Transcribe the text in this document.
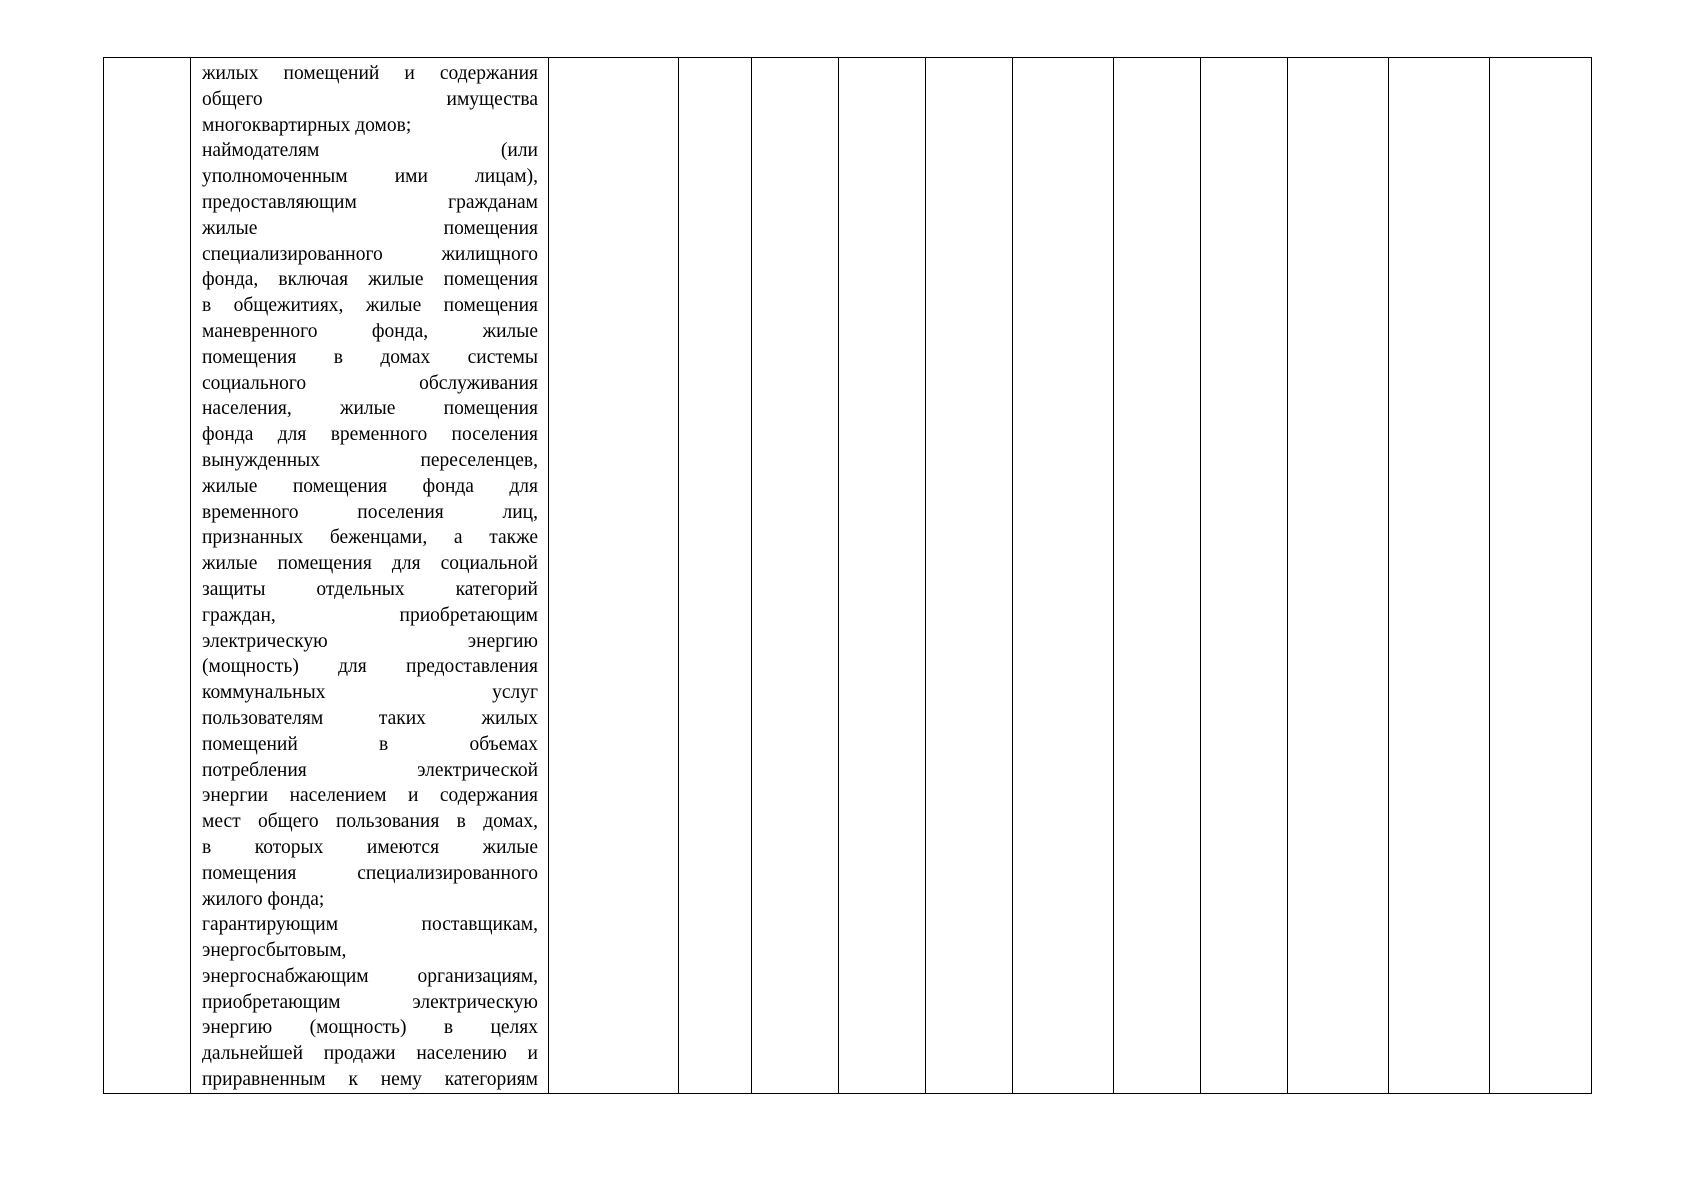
жилых помещений и содержания
общего имущества
многоквартирных домов;
наймодателям (или
уполномоченным ими лицам),
предоставляющим гражданам
жилые помещения
специализированного жилищного
фонда, включая жилые помещения
в общежитиях, жилые помещения
маневренного фонда, жилые
помещения в домах системы
социального обслуживания
населения, жилые помещения
фонда для временного поселения
вынужденных переселенцев,
жилые помещения фонда для
временного поселения лиц,
признанных беженцами, а также
жилые помещения для социальной
защиты отдельных категорий
граждан, приобретающим
электрическую энергию
(мощность) для предоставления
коммунальных услуг
пользователям таких жилых
помещений в объемах
потребления электрической
энергии населением и содержания
мест общего пользования в домах,
в которых имеются жилые
помещения специализированного
жилого фонда;
гарантирующим поставщикам,
энергосбытовым,
энергоснабжающим организациям,
приобретающим электрическую
энергию (мощность) в целях
дальнейшей продажи населению и
приравненным к нему категориям
